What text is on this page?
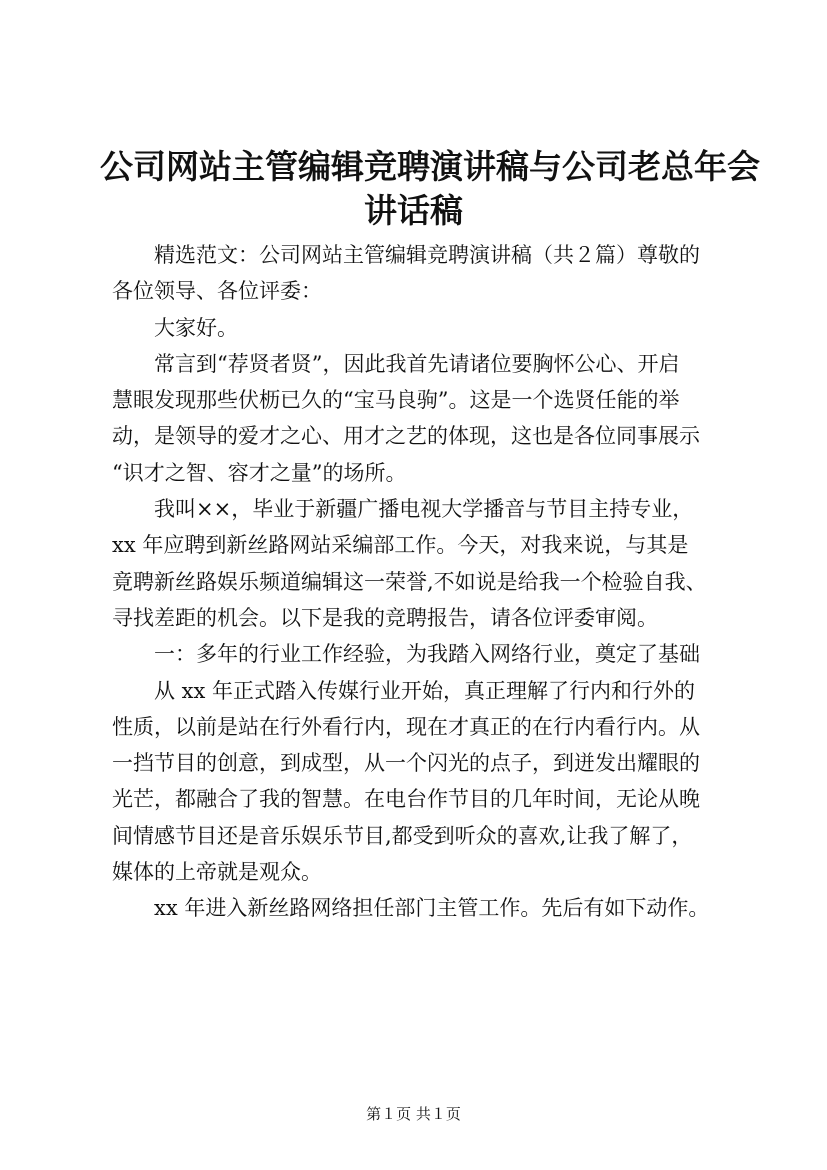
公司网站主管编辑竞聘演讲稿与公司老总年会
讲话稿

精选范文：公司网站主管编辑竞聘演讲稿（共２篇）尊敬的
各位领导、各位评委：

大家好。

常言到“荐贤者贤”，因此我首先请诸位要胸怀公心、开启
慧眼发现那些伏枥已久的“宝马良驹”。这是一个选贤任能的举
动，是领导的爱才之心、用才之艺的体现，这也是各位同事展示
“识才之智、容才之量”的场所。

我叫××，毕业于新疆广播电视大学播音与节目主持专业，
xx 年应聘到新丝路网站采编部工作。今天，对我来说，与其是
竟聘新丝路娱乐频道编辑这一荣誉,不如说是给我一个检验自我、
寻找差距的机会。以下是我的竞聘报告，请各位评委审阅。

一：多年的行业工作经验，为我踏入网络行业，奠定了基础

从 xx 年正式踏入传媒行业开始，真正理解了行内和行外的
性质，以前是站在行外看行内，现在才真正的在行内看行内。从
一挡节目的创意，到成型，从一个闪光的点子，到迸发出耀眼的
光芒，都融合了我的智慧。在电台作节目的几年时间，无论从晚
间情感节目还是音乐娱乐节目,都受到听众的喜欢,让我了解了，
媒体的上帝就是观众。

xx 年进入新丝路网络担任部门主管工作。先后有如下动作。

第１页 共１页
